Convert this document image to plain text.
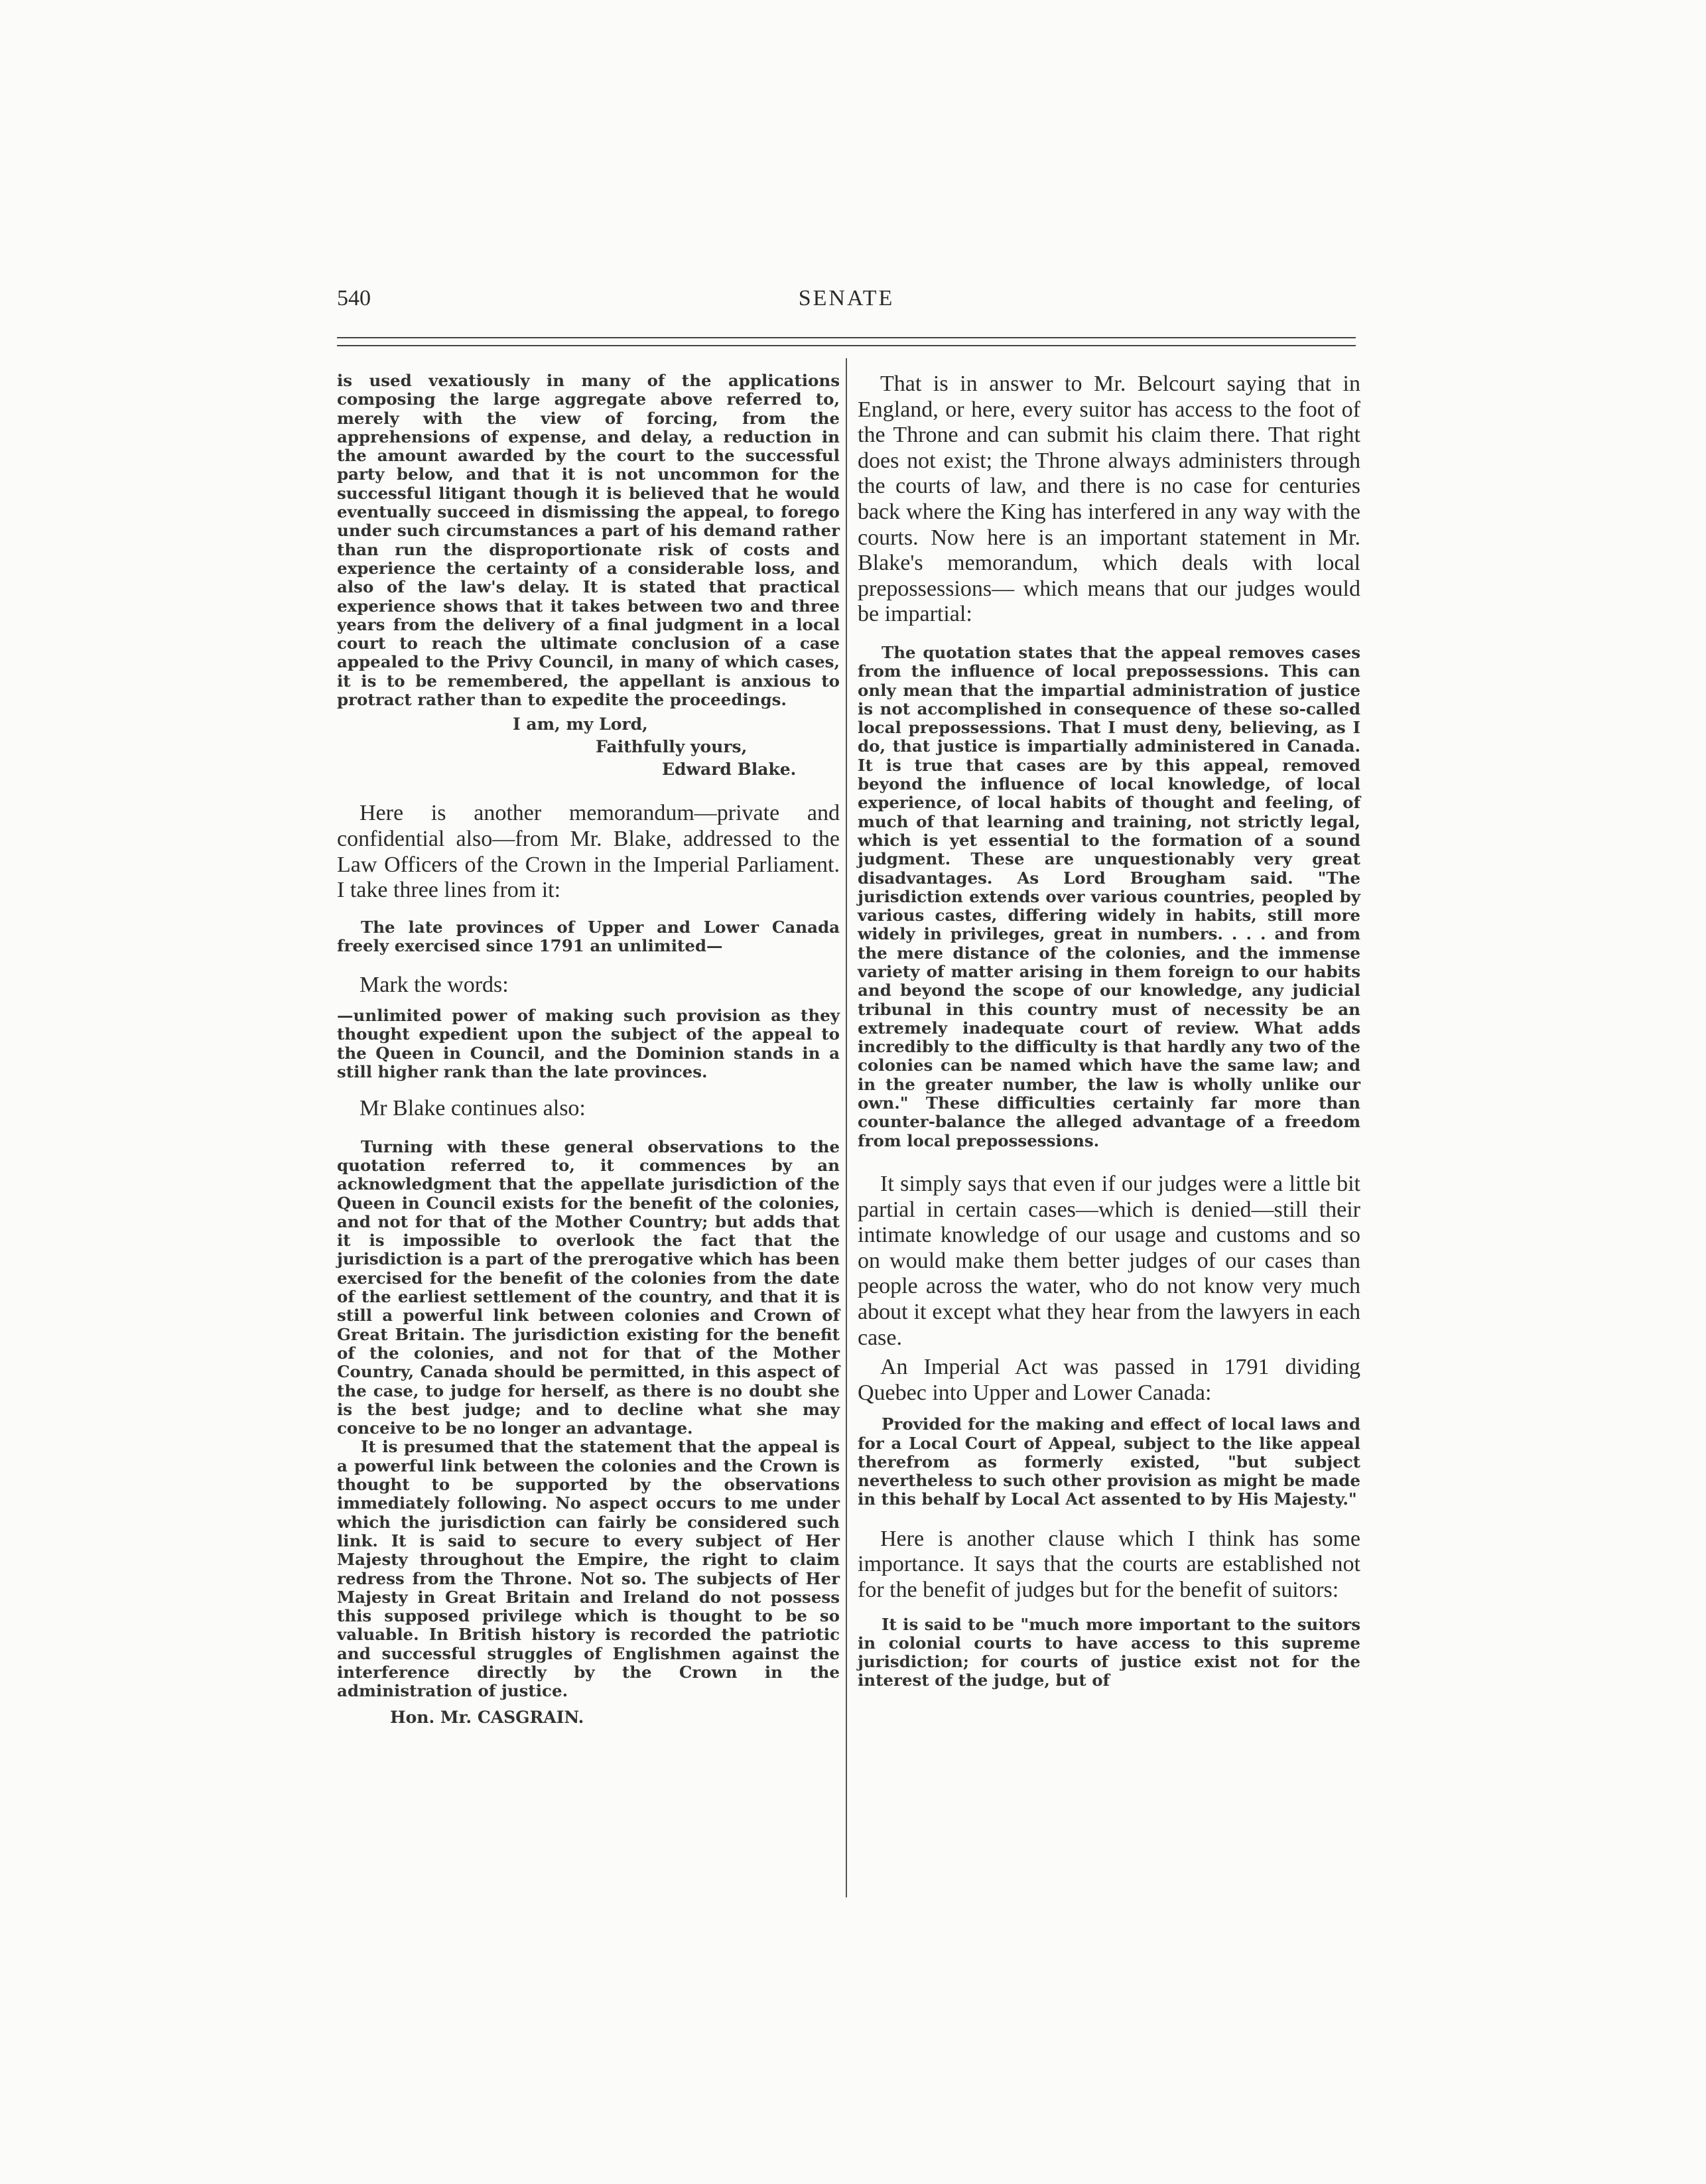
540	SENATE

is used vexatiously in many of the applications composing the large aggregate above referred to, merely with the view of forcing, from the apprehensions of expense, and delay, a reduction in the amount awarded by the court to the successful party below, and that it is not uncommon for the successful litigant though it is believed that he would eventually succeed in dismissing the appeal, to forego under such circumstances a part of his demand rather than run the disproportionate risk of costs and experience the certainty of a considerable loss, and also of the law's delay. It is stated that practical experience shows that it takes between two and three years from the delivery of a final judgment in a local court to reach the ultimate conclusion of a case appealed to the Privy Council, in many of which cases, it is to be remembered, the appellant is anxious to protract rather than to expedite the proceedings.

I am, my Lord,

Faithfully yours,

Edward Blake.

Here is another memorandum—private and confidential also—from Mr. Blake, addressed to the Law Officers of the Crown in the Imperial Parliament. I take three lines from it:

The late provinces of Upper and Lower Canada freely exercised since 1791 an unlimited—

Mark the words:

—unlimited power of making such provision as they thought expedient upon the subject of the appeal to the Queen in Council, and the Dominion stands in a still higher rank than the late provinces.

Mr Blake continues also:

Turning with these general observations to the quotation referred to, it commences by an acknowledgment that the appellate jurisdiction of the Queen in Council exists for the benefit of the colonies, and not for that of the Mother Country; but adds that it is impossible to overlook the fact that the jurisdiction is a part of the prerogative which has been exercised for the benefit of the colonies from the date of the earliest settlement of the country, and that it is still a powerful link between colonies and Crown of Great Britain. The jurisdiction existing for the benefit of the colonies, and not for that of the Mother Country, Canada should be permitted, in this aspect of the case, to judge for herself, as there is no doubt she is the best judge; and to decline what she may conceive to be no longer an advantage.

It is presumed that the statement that the appeal is a powerful link between the colonies and the Crown is thought to be supported by the observations immediately following. No aspect occurs to me under which the jurisdiction can fairly be considered such link. It is said to secure to every subject of Her Majesty throughout the Empire, the right to claim redress from the Throne. Not so. The subjects of Her Majesty in Great Britain and Ireland do not possess this supposed privilege which is thought to be so valuable. In British history is recorded the patriotic and successful struggles of Englishmen against the interference directly by the Crown in the administration of justice.

Hon. Mr. CASGRAIN.

That is in answer to Mr. Belcourt saying that in England, or here, every suitor has access to the foot of the Throne and can submit his claim there. That right does not exist; the Throne always administers through the courts of law, and there is no case for centuries back where the King has interfered in any way with the courts. Now here is an important statement in Mr. Blake's memorandum, which deals with local prepossessions— which means that our judges would be impartial:

The quotation states that the appeal removes cases from the influence of local prepossessions. This can only mean that the impartial administration of justice is not accomplished in consequence of these so-called local prepossessions. That I must deny, believing, as I do, that justice is impartially administered in Canada. It is true that cases are by this appeal, removed beyond the influence of local knowledge, of local experience, of local habits of thought and feeling, of much of that learning and training, not strictly legal, which is yet essential to the formation of a sound judgment. These are unquestionably very great disadvantages. As Lord Brougham said. "The jurisdiction extends over various countries, peopled by various castes, differing widely in habits, still more widely in privileges, great in numbers. . . . and from the mere distance of the colonies, and the immense variety of matter arising in them foreign to our habits and beyond the scope of our knowledge, any judicial tribunal in this country must of necessity be an extremely inadequate court of review. What adds incredibly to the difficulty is that hardly any two of the colonies can be named which have the same law; and in the greater number, the law is wholly unlike our own." These difficulties certainly far more than counter-balance the alleged advantage of a freedom from local prepossessions.

It simply says that even if our judges were a little bit partial in certain cases—which is denied—still their intimate knowledge of our usage and customs and so on would make them better judges of our cases than people across the water, who do not know very much about it except what they hear from the lawyers in each case.

An Imperial Act was passed in 1791 dividing Quebec into Upper and Lower Canada:

Provided for the making and effect of local laws and for a Local Court of Appeal, subject to the like appeal therefrom as formerly existed, "but subject nevertheless to such other provision as might be made in this behalf by Local Act assented to by His Majesty."

Here is another clause which I think has some importance. It says that the courts are established not for the benefit of judges but for the benefit of suitors:

It is said to be "much more important to the suitors in colonial courts to have access to this supreme jurisdiction; for courts of justice exist not for the interest of the judge, but of
